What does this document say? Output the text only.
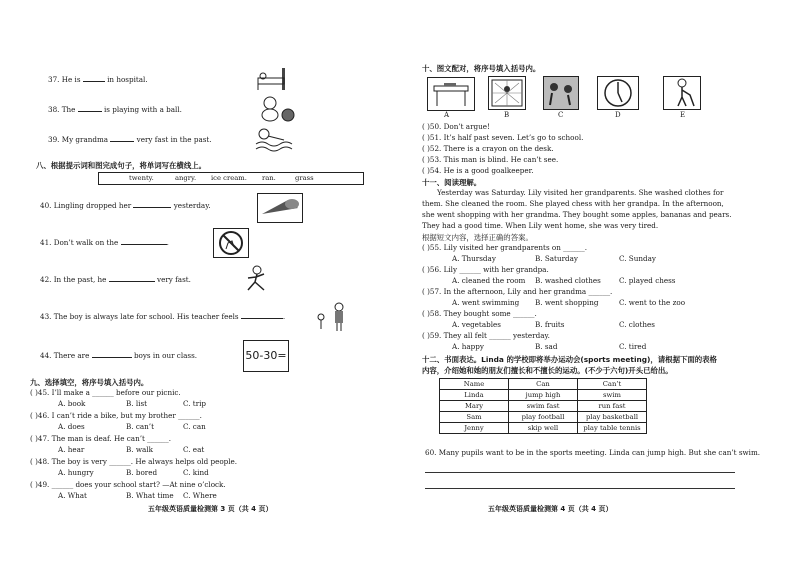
37. He is	in hospital.
38. The	is playing with a ball.
39. My grandma	very fast in the past.
八、根据提示词和图完成句子，将单词写在横线上。
twenty.	angry. ice cream. ran.	grass
40. Lingling dropped her	yesterday.
41. Don’t walk on the	.
42. In the past, he	very fast.
43. The boy is always late for school. His teacher feels	.
44. There are	boys in our class.	50-30=
九、选择填空，将序号填入括号内。
( )45. I’ll make a ______ before our picnic.
A. book	B. list	C. trip
( )46. I can’t ride a bike, but my brother ______.
A. does	B. can’t	C. can
( )47. The man is deaf. He can’t ______.
A. hear	B. walk	C. eat
( )48. The boy is very ______. He always helps old people.
A. hungry	B. bored	C. kind
( )49. ______ does your school start? —At nine o’clock.
A. What	B. What time C. Where
五年级英语质量检测第 3 页（共 4 页）
十、图文配对，将序号填入括号内。
A	B	C	D	E
( )50. Don’t argue!
( )51. It’s half past seven. Let’s go to school.
( )52. There is a crayon on the desk.
( )53. This man is blind. He can’t see.
( )54. He is a good goalkeeper.
十一、阅读理解。
Yesterday was Saturday. Lily visited her grandparents. She washed clothes for
them. She cleaned the room. She played chess with her grandpa. In the afternoon,
she went shopping with her grandma. They bought some apples, bananas and pears.
They had a good time. When Lily went home, she was very tired.
根据短文内容，选择正确的答案。
( )55. Lily visited her grandparents on ______.
A. Thursday	B. Saturday	C. Sunday
( )56. Lily ______ with her grandpa.
A. cleaned the room B. washed clothes	C. played chess
( )57. In the afternoon, Lily and her grandma ______.
A. went swimming B. went shopping	C. went to the zoo
( )58. They bought some ______.
A. vegetables	B. fruits	C. clothes
( )59. They all felt ______ yesterday.
A. happy	B. sad	C. tired
十二、书面表达。Linda 的学校即将举办运动会(sports meeting)，请根据下面的表格
内容，介绍她和她的朋友们擅长和不擅长的运动。(不少于六句)开头已给出。
五年级英语质量检测第 4 页（共 4 页）
Name	Can	Can’t
Linda	jump high	swim
Mary	swim fast	run fast
Sam	play football	play basketball
Jenny	skip well	play table tennis
60. Many pupils want to be in the sports meeting. Linda can jump high. But she can’t swim.
